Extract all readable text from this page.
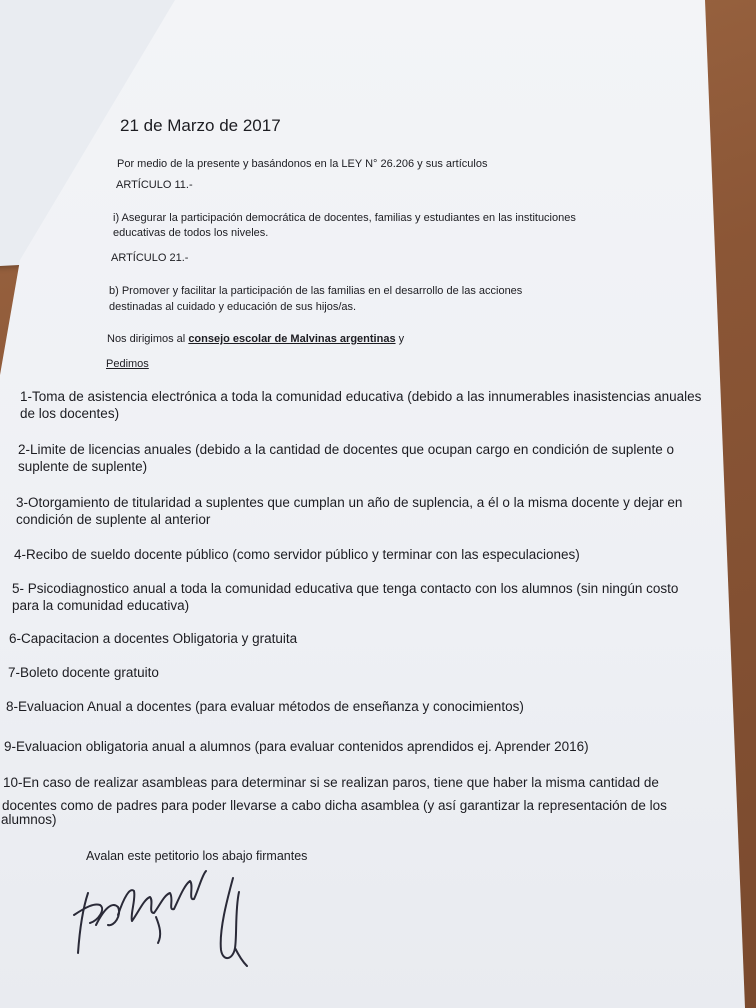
21 de Marzo de 2017
Por medio de la presente y basándonos en la LEY N° 26.206 y sus artículos
ARTÍCULO 11.-
i) Asegurar la participación democrática de docentes, familias y estudiantes en las instituciones
educativas de todos los niveles.
ARTÍCULO 21.-
b) Promover y facilitar la participación de las familias en el desarrollo de las acciones
destinadas al cuidado y educación de sus hijos/as.
Nos dirigimos al consejo escolar de Malvinas argentinas y
Pedimos
1-Toma de asistencia electrónica a toda la comunidad educativa (debido a las innumerables inasistencias anuales
de los docentes)
2-Limite de licencias anuales (debido a la cantidad de docentes que ocupan cargo en condición de suplente o
suplente de suplente)
3-Otorgamiento de titularidad a suplentes que cumplan un año de suplencia, a él o la misma docente y dejar en
condición de suplente al anterior
4-Recibo de sueldo docente público (como servidor público y terminar con las especulaciones)
5- Psicodiagnostico anual a toda la comunidad educativa que tenga contacto con los alumnos (sin ningún costo
para la comunidad educativa)
6-Capacitacion a docentes Obligatoria y gratuita
7-Boleto docente gratuito
8-Evaluacion Anual a docentes (para evaluar métodos de enseñanza y conocimientos)
9-Evaluacion obligatoria anual a alumnos (para evaluar contenidos aprendidos ej. Aprender 2016)
10-En caso de realizar asambleas para determinar si se realizan paros, tiene que haber la misma cantidad de
docentes como de padres para poder llevarse a cabo dicha asamblea (y así garantizar la representación de los
alumnos)
Avalan este petitorio los abajo firmantes
